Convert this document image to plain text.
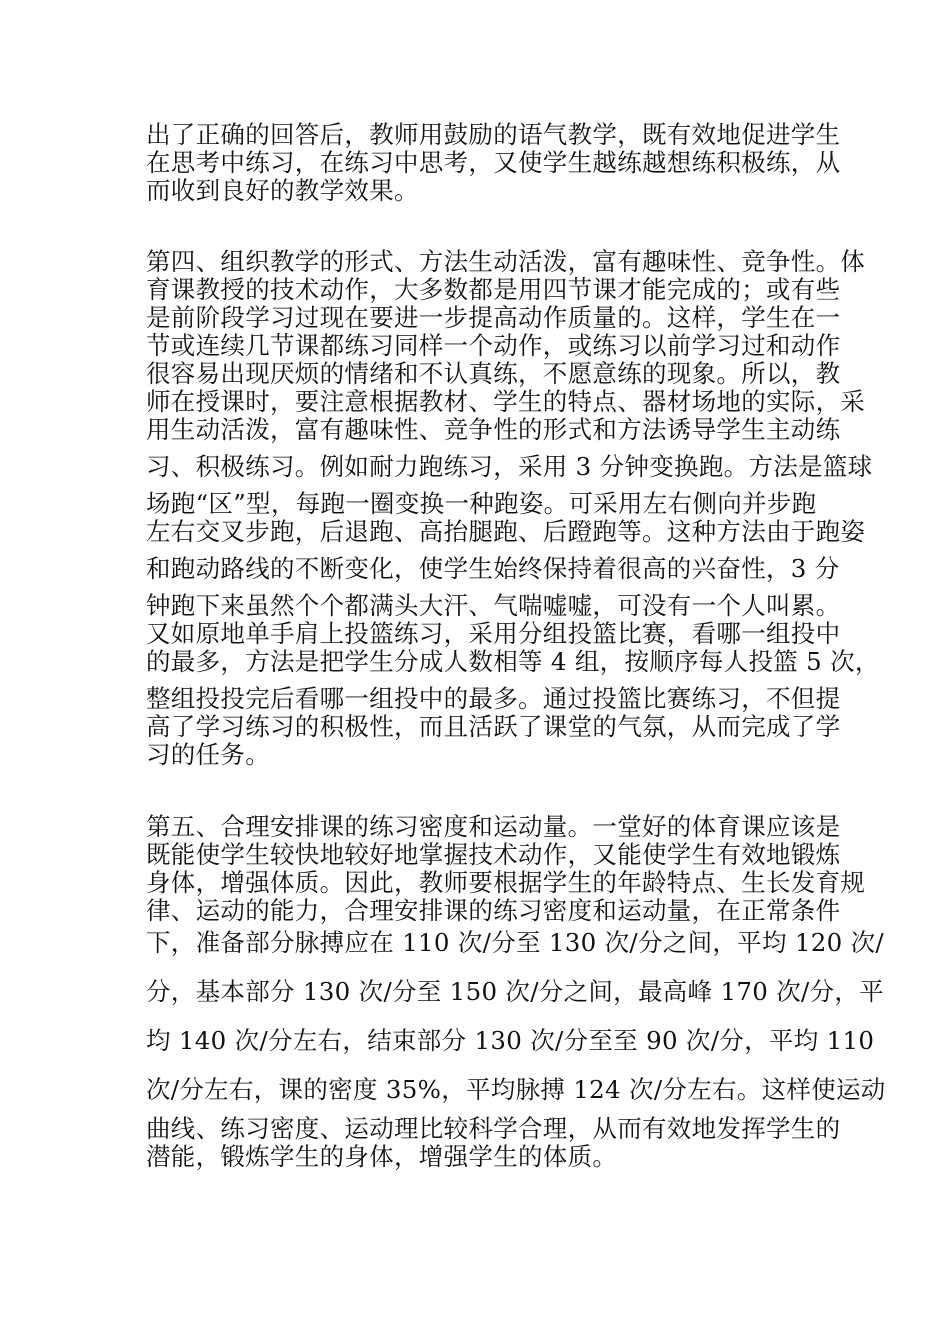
出了正确的回答后，教师用鼓励的语气教学，既有效地促进学生
在思考中练习，在练习中思考，又使学生越练越想练积极练，从
而收到良好的教学效果。
第四、组织教学的形式、方法生动活泼，富有趣味性、竞争性。体
育课教授的技术动作，大多数都是用四节课才能完成的；或有些
是前阶段学习过现在要进一步提高动作质量的。这样，学生在一
节或连续几节课都练习同样一个动作，或练习以前学习过和动作
很容易出现厌烦的情绪和不认真练，不愿意练的现象。所以，教
师在授课时，要注意根据教材、学生的特点、器材场地的实际，采
用生动活泼，富有趣味性、竞争性的形式和方法诱导学生主动练
习、积极练习。例如耐力跑练习，采用 3 分钟变换跑。方法是篮球
场跑“区”型，每跑一圈变换一种跑姿。可采用左右侧向并步跑
左右交叉步跑，后退跑、高抬腿跑、后蹬跑等。这种方法由于跑姿
和跑动路线的不断变化，使学生始终保持着很高的兴奋性，3 分
钟跑下来虽然个个都满头大汗、气喘嘘嘘，可没有一个人叫累。
又如原地单手肩上投篮练习，采用分组投篮比赛，看哪一组投中
的最多，方法是把学生分成人数相等 4 组，按顺序每人投篮 5 次，
整组投投完后看哪一组投中的最多。通过投篮比赛练习，不但提
高了学习练习的积极性，而且活跃了课堂的气氛，从而完成了学
习的任务。
第五、合理安排课的练习密度和运动量。一堂好的体育课应该是
既能使学生较快地较好地掌握技术动作，又能使学生有效地锻炼
身体，增强体质。因此，教师要根据学生的年龄特点、生长发育规
律、运动的能力，合理安排课的练习密度和运动量，在正常条件
下，准备部分脉搏应在 110 次/分至 130 次/分之间，平均 120 次/
分，基本部分 130 次/分至 150 次/分之间，最高峰 170 次/分，平
均 140 次/分左右，结束部分 130 次/分至至 90 次/分，平均 110
次/分左右，课的密度 35%，平均脉搏 124 次/分左右。这样使运动
曲线、练习密度、运动理比较科学合理，从而有效地发挥学生的
潜能，锻炼学生的身体，增强学生的体质。
